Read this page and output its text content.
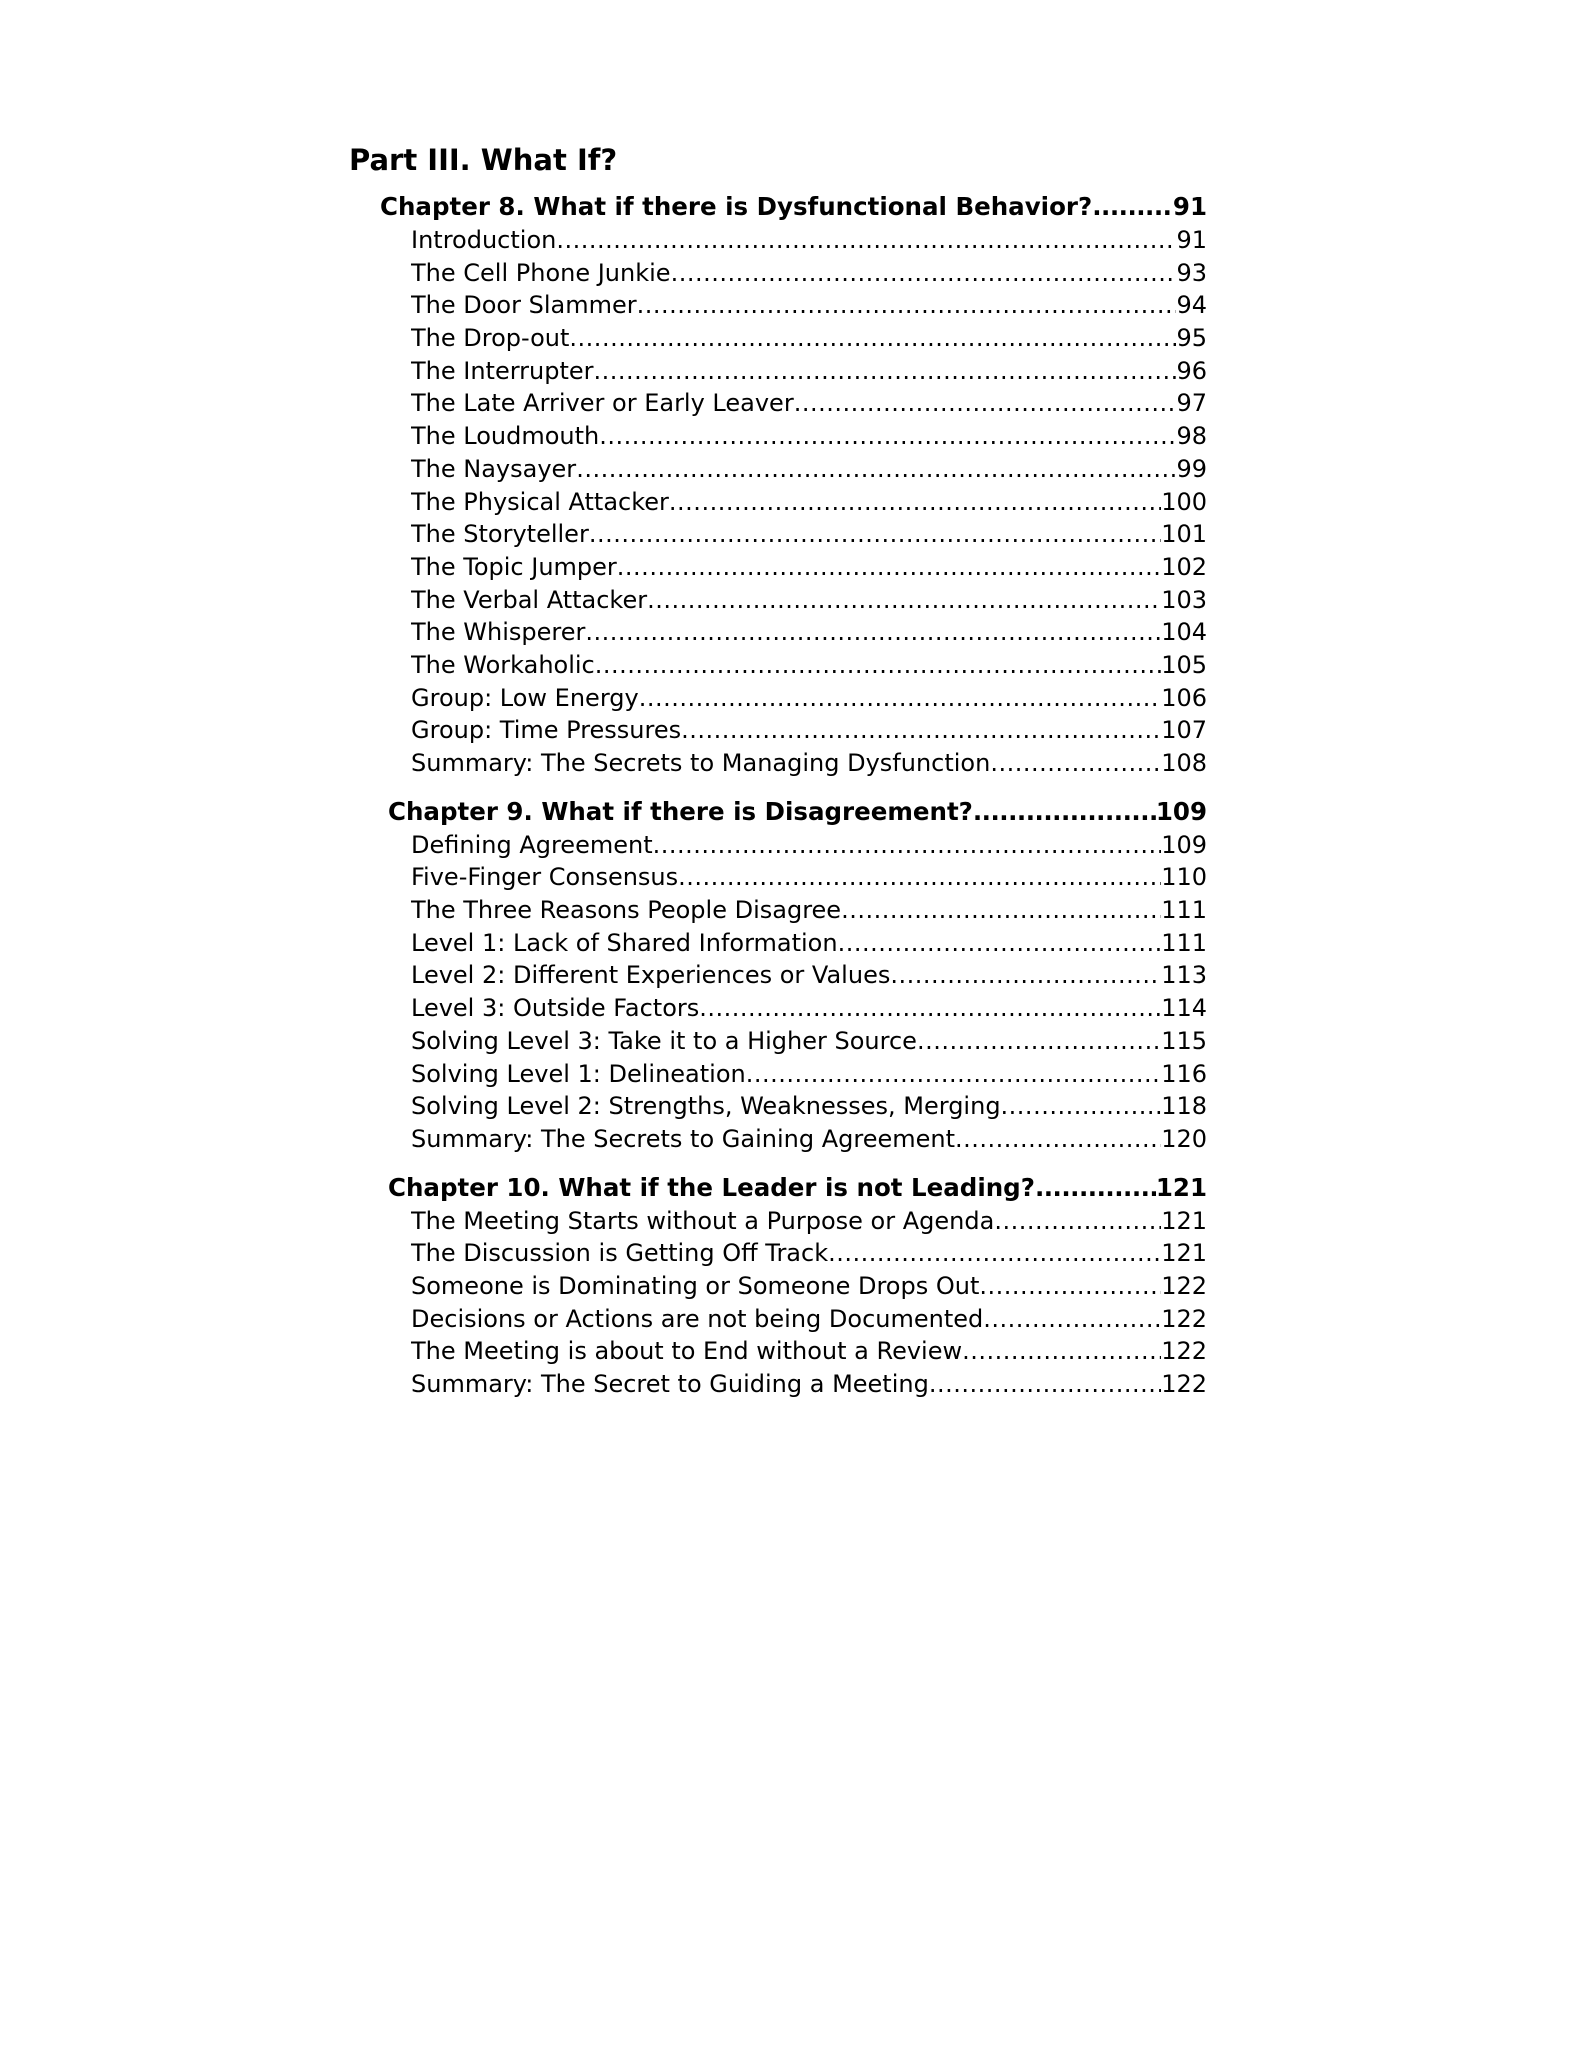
Part III. What If?
Chapter 8. What if there is Dysfunctional Behavior? .....	91
Introduction .....	91
The Cell Phone Junkie .....	93
The Door Slammer .....	94
The Drop-out .....	95
The Interrupter .....	96
The Late Arriver or Early Leaver .....	97
The Loudmouth .....	98
The Naysayer .....	99
The Physical Attacker .....	100
The Storyteller .....	101
The Topic Jumper .....	102
The Verbal Attacker .....	103
The Whisperer .....	104
The Workaholic .....	105
Group: Low Energy .....	106
Group: Time Pressures .....	107
Summary: The Secrets to Managing Dysfunction .....	108
Chapter 9. What if there is Disagreement? .....	109
Defining Agreement .....	109
Five-Finger Consensus .....	110
The Three Reasons People Disagree .....	111
Level 1: Lack of Shared Information .....	111
Level 2: Different Experiences or Values .....	113
Level 3: Outside Factors .....	114
Solving Level 3: Take it to a Higher Source .....	115
Solving Level 1: Delineation .....	116
Solving Level 2: Strengths, Weaknesses, Merging .....	118
Summary: The Secrets to Gaining Agreement .....	120
Chapter 10. What if the Leader is not Leading? .....	121
The Meeting Starts without a Purpose or Agenda .....	121
The Discussion is Getting Off Track .....	121
Someone is Dominating or Someone Drops Out .....	122
Decisions or Actions are not being Documented .....	122
The Meeting is about to End without a Review .....	122
Summary: The Secret to Guiding a Meeting .....	122
